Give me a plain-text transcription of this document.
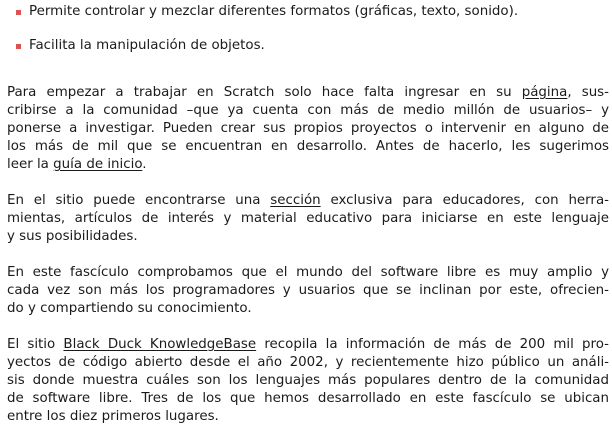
Permite controlar y mezclar diferentes formatos (gráficas, texto, sonido).
Facilita la manipulación de objetos.

Para empezar a trabajar en Scratch solo hace falta ingresar en su página, sus-
cribirse a la comunidad –que ya cuenta con más de medio millón de usuarios– y
ponerse a investigar. Pueden crear sus propios proyectos o intervenir en alguno de
los más de mil que se encuentran en desarrollo. Antes de hacerlo, les sugerimos
leer la guía de inicio.

En el sitio puede encontrarse una sección exclusiva para educadores, con herra-
mientas, artículos de interés y material educativo para iniciarse en este lenguaje
y sus posibilidades.

En este fascículo comprobamos que el mundo del software libre es muy amplio y
cada vez son más los programadores y usuarios que se inclinan por este, ofrecien-
do y compartiendo su conocimiento.

El sitio Black Duck KnowledgeBase recopila la información de más de 200 mil pro-
yectos de código abierto desde el año 2002, y recientemente hizo público un análi-
sis donde muestra cuáles son los lenguajes más populares dentro de la comunidad
de software libre. Tres de los que hemos desarrollado en este fascículo se ubican
entre los diez primeros lugares.
